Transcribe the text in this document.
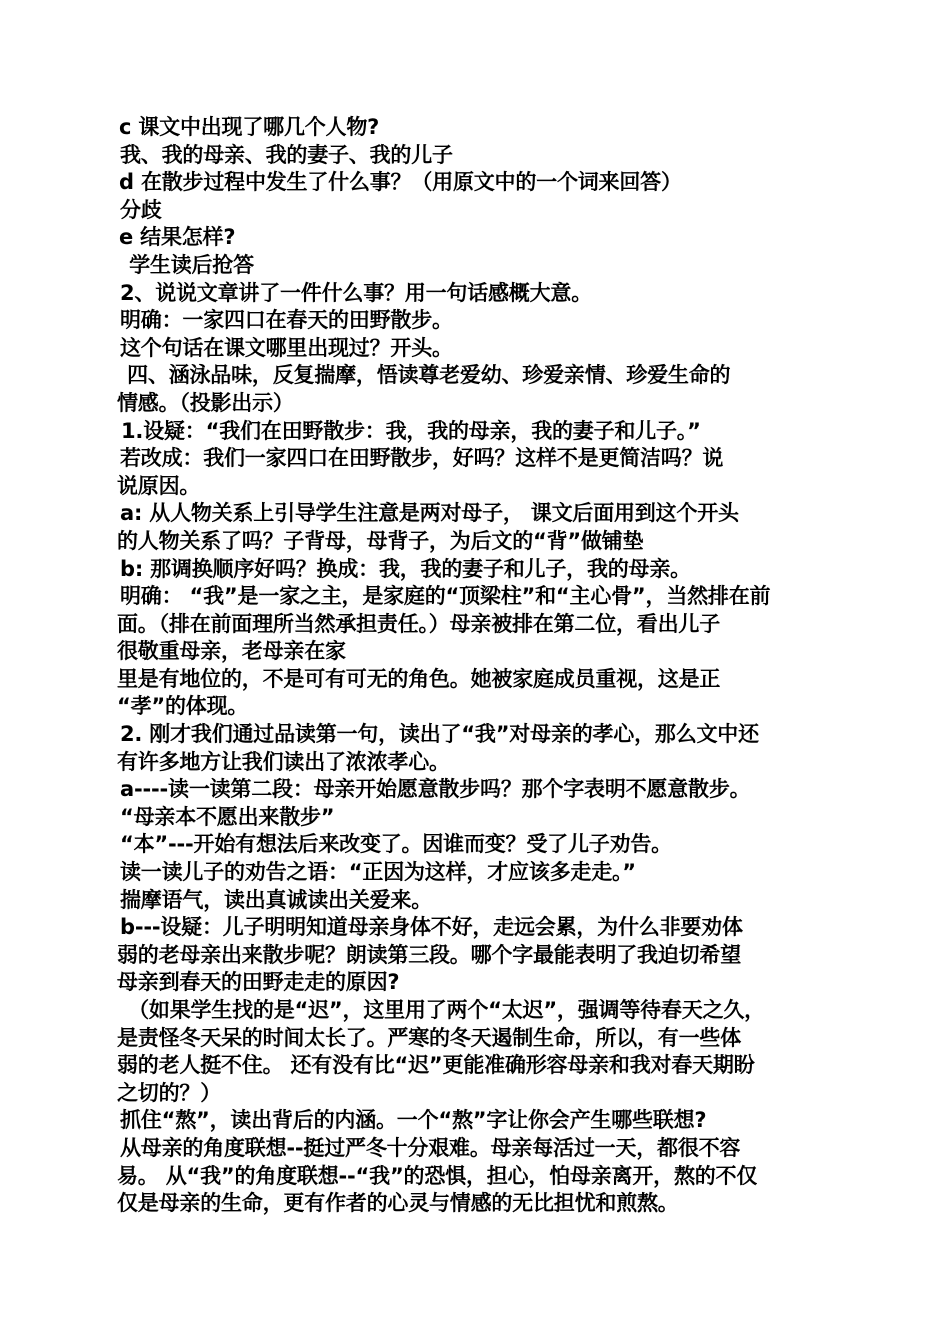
c 课文中出现了哪几个人物?

我、我的母亲、我的妻子、我的儿子

d 在散步过程中发生了什么事？（用原文中的一个词来回答）

分歧

e 结果怎样?

学生读后抢答

2、说说文章讲了一件什么事？用一句话感概大意。

明确：一家四口在春天的田野散步。

这个句话在课文哪里出现过？开头。

四、涵泳品味，反复揣摩，悟读尊老爱幼、珍爱亲情、珍爱生命的

情感。（投影出示）

1.设疑：“我们在田野散步：我，我的母亲，我的妻子和儿子。”

若改成：我们一家四口在田野散步，好吗？这样不是更简洁吗？说

说原因。

a: 从人物关系上引导学生注意是两对母子， 课文后面用到这个开头

的人物关系了吗？子背母，母背子，为后文的“背”做铺垫

b: 那调换顺序好吗？换成：我，我的妻子和儿子，我的母亲。

明确： “我”是一家之主，是家庭的“顶梁柱”和“主心骨”，当然排在前

面。（排在前面理所当然承担责任。）母亲被排在第二位，看出儿子

很敬重母亲，老母亲在家

里是有地位的，不是可有可无的角色。她被家庭成员重视，这是正

“孝”的体现。

2. 刚才我们通过品读第一句，读出了“我”对母亲的孝心，那么文中还

有许多地方让我们读出了浓浓孝心。

a----读一读第二段：母亲开始愿意散步吗？那个字表明不愿意散步。

“母亲本不愿出来散步”

“本”---开始有想法后来改变了。因谁而变？受了儿子劝告。

读一读儿子的劝告之语：“正因为这样，才应该多走走。”

揣摩语气，读出真诚读出关爱来。

b---设疑：儿子明明知道母亲身体不好，走远会累，为什么非要劝体

弱的老母亲出来散步呢？朗读第三段。哪个字最能表明了我迫切希望

母亲到春天的田野走走的原因?

（如果学生找的是“迟”，这里用了两个“太迟”，强调等待春天之久，

是责怪冬天呆的时间太长了。严寒的冬天遏制生命，所以，有一些体

弱的老人挺不住。 还有没有比“迟”更能准确形容母亲和我对春天期盼

之切的？）

抓住“熬”，读出背后的内涵。一个“熬”字让你会产生哪些联想?

从母亲的角度联想--挺过严冬十分艰难。母亲每活过一天，都很不容

易。 从“我”的角度联想--“我”的恐惧，担心，怕母亲离开，熬的不仅

仅是母亲的生命，更有作者的心灵与情感的无比担忧和煎熬。
